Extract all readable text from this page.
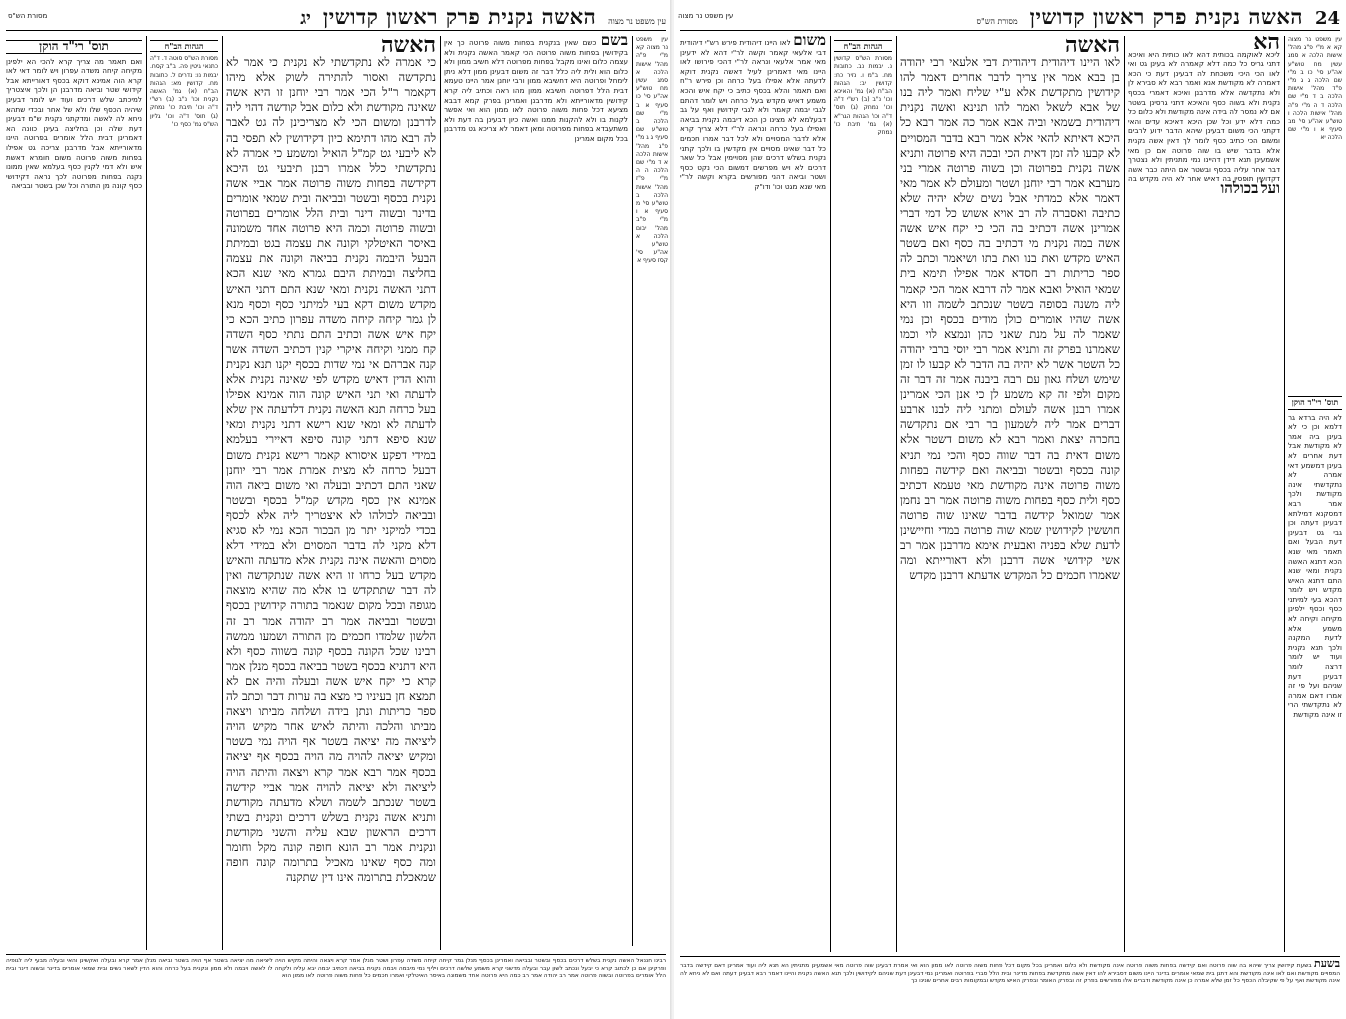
עין משפט נר מצוה
האשה נקנית פרק ראשון קדושין
יג
מסורת הש"ס

עין משפט נר מצוה קא מ"י פ"ה מהל' אישות הלכה א סמג עשין מח טוש"ע אה"ע סי' כו סעיף א ב מ"י שם הלכה ב טוש"ע שם סעיף ג ג מ"י פ"ג מהל' אישות הלכה א ד מ"י שם הלכה ה ה מ"י פ"ז מהל' אישות הלכה ב טוש"ע סי' מ סעיף א ו מ"י פ"ב מהל' יבום הלכה א טוש"ע אה"ע סי' קסז סעיף א

בשם כשם שאין בנקנית בפחות משוה פרוטה כך אין בקידושין בפחות משוה פרוטה הכי קאמר האשה נקנית ולא עצמה כלום ואינו מקבל בפחות מפרוטה דלא חשיב ממון ולא כלום הוא ולית ליה כלל דבר זה משום דבעינן ממון דלא ניתן לימחל ופרוטה היא דחשיבא ממון ורבי יוחנן אמר היינו טעמא דבית הלל דפרוטה חשיבא ממון מהו ראה וכתיב ליה קרא קידושין מדאורייתא ולא מדרבנן ואמרינן בפרק קמא דבבא מציעא דכל פחות משוה פרוטה לאו ממון הוא ואי אפשר לקנות בו ולא להקנות ממנו ואשה כיון דבעינן בה דעת ולא משתעבדא בפחות מפרוטה ומאן דאמר לא צריכא גט מדרבנן בכל מקום אמרינן
האשה
כי אמרה לא נתקדשתי לא נקנית כי אמר לא נתקדשה ואסור להתירה לשוק אלא מיהו דקאמר ר"ל הכי אמר רבי יוחנן זו היא אשה שאינה מקודשת ולא כלום אבל קודשה דהוי ליה לדרבנן ומשום הכי לא מצריכינן לה גט לאבר לה רבא מהו דתימא כיון דקידושין לא תפסי בה לא ליבעי גט קמ"ל הואיל ומשמע כי אמרה לא נתקדשתי כלל אמרו רבנן תיבעי גט היכא דקידשה בפחות משוה פרוטה אמר אביי אשה נקנית בכסף ובשטר ובביאה ובית שמאי אומרים בדינר ובשוה דינר ובית הלל אומרים בפרוטה ובשוה פרוטה וכמה היא פרוטה אחד משמונה באיסר האיטלקי וקונה את עצמה בגט ובמיתת הבעל היבמה נקנית בביאה וקונה את עצמה בחליצה ובמיתת היבם גמרא מאי שנא הכא דתני האשה נקנית ומאי שנא התם דתני האיש מקדש משום דקא בעי למיתני כסף וכסף מנא לן גמר קיחה קיחה משדה עפרון כתיב הכא כי יקח איש אשה וכתיב התם נתתי כסף השדה קח ממני וקיחה איקרי קנין דכתיב השדה אשר קנה אברהם אי נמי שדות בכסף יקנו תנא נקנית והוא הדין דאיש מקדש לפי שאינה נקנית אלא לדעתה ואי תני האיש קונה הוה אמינא אפילו בעל כרחה תנא האשה נקנית דלדעתה אין שלא לדעתה לא ומאי שנא רישא דתני נקנית ומאי שנא סיפא דתני קונה סיפא דאיירי בעלמא במידי דפקע איסורא קאמר רישא נקנית משום דבעל כרחה לא מצית אמרת אמר רבי יוחנן שאני התם דכתיב ובעלה ואי משום ביאה הוה אמינא אין כסף מקדש קמ"ל בכסף ובשטר ובביאה לכולהו לא איצטריך ליה אלא לכסף בכדי למיקני יתר מן הבכור הכא נמי לא סגיא דלא מקני לה בדבר המסוים ולא במידי דלא מסוים והאשה אינה נקנית אלא מדעתה והאיש מקדש בעל כרחו זו היא אשה שנתקדשה ואין לה דבר שתתקדש בו אלא מה שהיא מוצאה מגופה ובכל מקום שנאמר בתורה קידושין בכסף ובשטר ובביאה אמר רב יהודה אמר רב זה הלשון שלמדו חכמים מן התורה ושמעו ממשה רבינו שכל הקונה בכסף קונה בשווה כסף ולא היא דתניא בכסף בשטר בביאה בכסף מנלן אמר קרא כי יקח איש אשה ובעלה והיה אם לא תמצא חן בעיניו כי מצא בה ערות דבר וכתב לה ספר כריתות ונתן בידה ושלחה מביתו ויצאה מביתו והלכה והיתה לאיש אחר מקיש הויה ליציאה מה יציאה בשטר אף הויה נמי בשטר ומקיש יציאה להויה מה הויה בכסף אף יציאה בכסף אמר רבא אמר קרא ויצאה והיתה הויה ליציאה ולא יציאה להויה אמר אביי קידשה בשטר שנכתב לשמה ושלא מדעתה מקודשת ותניא אשה נקנית בשלש דרכים ונקנית בשתי דרכים הראשון שבא עליה והשני מקודשת ונקנית אמר רב הונא חופה קונה מקל וחומר ומה כסף שאינו מאכיל בתרומה קונה חופה שמאכלת בתרומה אינו דין שתקנה
הגהות הב"ח

מסורת הש"ס סוטה ד. ד"ה כתנאי גיטין פה. ב"ב קסח. יבמות נו: נדרים ל. כתובות מח. קדושין מא: הגהות הב"ח (א) גמ' האשה נקנית וכו' נ"ב (ב) רש"י ד"ה וכו' תיבת כו' נמחק (ג) תוס' ד"ה וכו' גליון הש"ס גמ' כסף כו'

תוס' רי"ד הוקן

ואם תאמר מה צריך קרא להכי הא ילפינן מקיחה קיחה משדה עפרון ויש לומר דאי לאו קרא הוה אמינא דוקא בכסף דאורייתא אבל קידושי שטר וביאה מדרבנן הן ולכך איצטריך למיכתב שלש דרכים ועוד יש לומר דבעינן שיהיה הכסף שלו ולא של אחר ובכדי שתהא ניחא לה לאשה ומדקתני נקנית ש"מ דבעינן דעת שלה וכן בחליצה בעינן כוונה הא דאמרינן דבית הלל אומרים בפרוטה היינו מדאורייתא אבל מדרבנן צריכה גט אפילו בפחות משוה פרוטה משום חומרא דאשת איש ולא דמי לקנין כסף בעלמא שאין ממונו נקנה בפחות מפרוטה לכך נראה דקידושי כסף קונה מן התורה וכל שכן בשטר ובביאה

רבינו חננאל האשה נקנית בשלש דרכים בכסף ובשטר ובביאה ואמרינן בכסף מנלן גמר קיחה קיחה משדה עפרון ושטר מנלן אמר קרא ויצאה והיתה מקיש הויה ליציאה מה יציאה בשטר אף הויה בשטר וביאה מנלן אמר קרא ובעלה ואקשינן והאי ובעלה מבעי ליה לגופיה ופרקינן אם כן לכתוב קרא כי יבעל ונכתב לשון עבר ובעלה מדשני קרא משמע שלשה דרכים ויליף נמי מיבמה ויבמה נקנית בביאה דכתיב יבמה יבא עליה ולקחה לו לאשה ויבמה ולא ממון ונקנית בעל כרחה והוא הדין לשאר נשים ובית שמאי אומרים בדינר ובשוה דינר ובית הלל אומרים בפרוטה ובשוה פרוטה אמר רב יהודה אמר רב כמה היא פרוטה אחד משמונה באיסר האיטלקי ואמרו חכמים כל פחות משוה פרוטה לאו ממון הוא

24
האשה נקנית פרק ראשון קדושין
מסורת הש"ס
עין משפט נר מצוה

עין משפט נר מצוה קא א מ"י פ"ג מהל' אישות הלכה א סמג עשין מח טוש"ע אה"ע סי' כו ב מ"י שם הלכה ג ג מ"י פ"ד מהל' אישות הלכה ב ד מ"י שם הלכה ד ה מ"י פ"ה מהל' אישות הלכה ו טוש"ע אה"ע סי' מב סעיף א ו מ"י שם הלכה יא

תוס' רי"ד הוקן

לא היה ברדא גר דלמא וכן כי לא בעינן ביה אמר לא מקודשת אבל דעת אחרים לא בעינן דמשמע דאי אמרה לא נתקדשתי אינה מקודשת ולכך אמר רבא דמסקנא דמילתא דבעינן דעתה וכן גבי גט דבעינן דעת הבעל ואם תאמר מאי שנא הכא דתנא האשה נקנית ומאי שנא התם דתנא האיש מקדש ויש לומר דהכא בעי למיתני כסף וכסף ילפינן מקיחה וקיחה לא משמע אלא לדעת המקנה ולכך תנא נקנית ועוד יש לומר דרצה לומר דבעינן דעת שניהם ועל פי זה אמרו דאם אמרה לא נתקדשתי הרי זו אינה מקודשת

הא
ליכא לאוקמה בכותית דהא לאו כותית היא ואיכא דתני גריס כל כמה דלא קאמרה לא בעינן גט ואי לאו הכי היכי משכחת לה דבעינן דעת כי הכא דאמרה לא מקודשת אנא ואמר רבא לא סבירא לן ולא נתקדשה אלא מדרבנן ואיכא דאמרי בכסף נקנית ולא בשוה כסף והאיכא דתני גרסינן בשטר אם לא נמסר לה בידה אינה מקודשת ולא כלום כל כמה דלא ידע וכל שכן היכא דאיכא עדים והאי דקתני הכי משום דבעינן שיהא הדבר ידוע לרבים ומשום הכי כתיב כסף לומר לך דאין אשה נקנית אלא בדבר שיש בו שוה פרוטה אם כן מאי אשמעינן תנא דידן דהיינו נמי מתניתין ולא נצטרך דבר אחר עליה בכסף ובשטר אם היתה כבר אשה דקדושין תופסין בה דאיש אחר לא היה מקדש בה ועל בכולהו
האשה
לאו היינו דיהודית דיהודית דבי אלעאי רבי יהודה בן בבא אמר אין צריך לדבר אחרים דאמר להו קידושין מתקדשת אלא ע"י שליח ואמר ליה בנו של אבא לשאל ואמר להו תנינא ואשה נקנית דיהודית בשמאי וביה אבא אמר כה אמר רבא כל היכא דאיתא להאי אלא אמר רבא בדבר המסויים לא קבעו לה זמן דאית הכי ובכה היא פרוטה ותניא אשה נקנית בפרוטה וכן בשוה פרוטה אמרי בני מערבא אמר רבי יוחנן ושטר ומעולם לא אמר מאי דאמר אלא כמדתי אבל נשים שלא יהיה שלא כתיבה ואסברה לה רב אויא אשוש כל דמי דברי אמרינן אשה דכתיב בה הכי כי יקח איש אשה אשה במה נקנית מי דכתיב בה כסף ואם בשטר האיש מקדש ואת בנו ואת בתו ושיאמר וכתב לה ספר כריתות רב חסדא אמר אפילו תימא בית שמאי הואיל ואבא אמר לה דרבא אמר הכי קאמר ליה משנה בסופה בשטר שנכתב לשמה וזו היא אשה שהיו אומרים כולן מודים בכסף וכן נמי שאמר לה על מנת שאני כהן ונמצא לוי וכמו שאמרנו בפרק זה ותניא אמר רבי יוסי ברבי יהודה כל השטר אשר לא יהיה בה הדבר לא קבעו לו זמן שימש ושלח גאון עם רבה ביבנה אמר זה דבר זה מקום ולפי זה קא משמע לן כי אנן הכי אמרינן אמרו רבנן אשה לעולם ומתני ליה לבנו ארבע דברים אמר ליה לשמעון בר רבי אם נתקדשה בחכרה יצאת ואמר רבא לא משום דשטר אלא משום דאית בה דבר שווה כסף והכי נמי תניא קונה בכסף ובשטר ובביאה ואם קידשה בפחות משוה פרוטה אינה מקודשת מאי טעמא דכתיב כסף ולית כסף בפחות משוה פרוטה אמר רב נחמן אמר שמואל קידשה בדבר שאינו שוה פרוטה חוששין לקידושין שמא שוה פרוטה במדי וחיישינן לדעת שלא בפניה ואבעית אימא מדרבנן אמר רב אשי קידושי אשה דרבנן ולא דאורייתא ומה שאמרו חכמים כל המקדש אדעתא דרבנן מקדש
הגהות הב"ח

מסורת הש"ס קדושין נ. יבמות נב. כתובות מח. ב"מ ו. נזיר כח: קדושין יב: הגהות הב"ח (א) גמ' והאיכא וכו' נ"ב (ב) רש"י ד"ה וכו' נמחק (ג) תוס' ד"ה וכו' הגהות הגר"א (א) גמ' תיבת כו' נמחק

משום לאו היינו דיהודית פירש רש"י דיהודית דבי אלעאי קאמר וקשה לר"י דהא לא ידעינן מאי אמר אלעאי ונראה לר"י דהכי פירושו לאו היינו מאי דאמרינן לעיל דאשה נקנית דוקא לדעתה אלא אפילו בעל כרחה וכן פירש ר"ח ואם תאמר והלא בכסף כתיב כי יקח איש והכא משמע דאיש מקדש בעל כרחה ויש לומר דהתם לגבי יבמה קאמר ולא לגבי קידושין ואף על גב דבעלמא לא מצינו כן הכא דיבמה נקנית בביאה ואפילו בעל כרחה ונראה לר"י דלא צריך קרא אלא לדבר המסויים ולא לכל דבר אמרו חכמים כל דבר שאינו מסויים אין מקדשין בו ולכך קתני נקנית בשלש דרכים שהן מסויימין אבל כל שאר דרכים לא ויש מפרשים דמשום הכי נקט כסף ושטר וביאה דהני מפורשים בקרא וקשה לר"י מאי שנא מגט וכו' ודו"ק
בשעת בשעת קידושין צריך שיהא בה שוה פרוטה ואם קידשה בפחות משוה פרוטה אינה מקודשת ולא כלום ואמרינן בכל מקום דכל פחות משוה פרוטה לאו ממון הוא ואי אמרת דבעינן שוה פרוטה מאי אשמעינן מתניתין הא תנא ליה ועוד אמרינן דאם קידשה בדבר המסויים מקודשת ואם לאו אינה מקודשת והא דתנן בית שמאי אומרים בדינר היינו משום דסבירא להו דאין אשה מתקדשת בפחות מדינר ובית הלל סברי בפרוטה ואמרינן נמי דבעינן דעת שניהם לקידושין ולכך תנא האשה נקנית והיינו דאמר רבא דבעינן דעתה ואם לא ניחא לה אינה מקודשת ואף על פי שקיבלה הכסף כל זמן שלא אמרה כן אינה מקודשת ודברים אלו מפורשים בפרק זה ובפרק האומר ובפרק האיש מקדש ובמקומות רבים אחרים שנינו כך
